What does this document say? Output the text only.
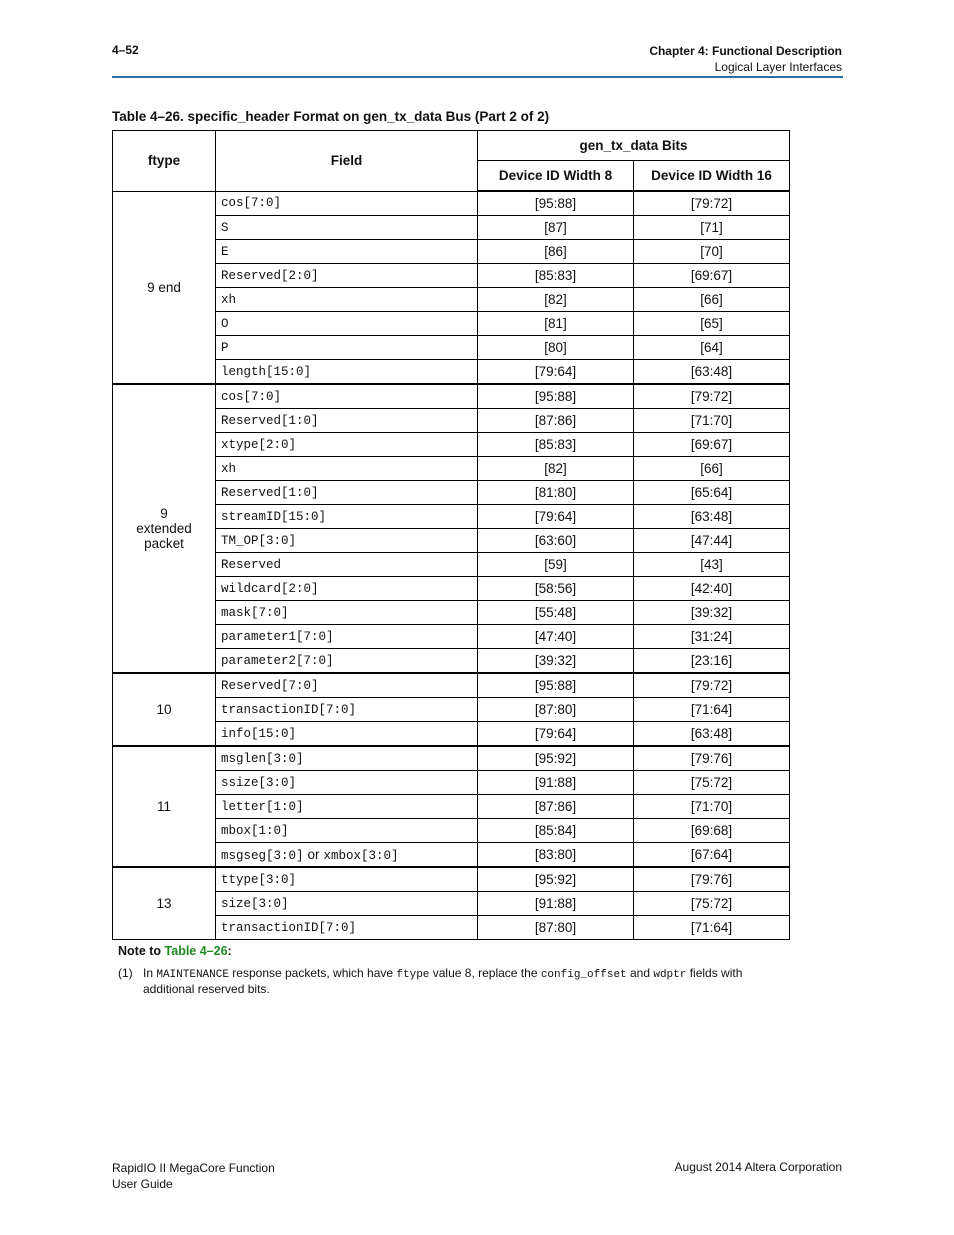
4–52	Chapter 4: Functional Description
Logical Layer Interfaces
Table 4–26. specific_header Format on gen_tx_data Bus (Part 2 of 2)
ftype	Field	gen_tx_data Bits	
		Device ID Width 8	Device ID Width 16
9 end	cos[7:0]	[95:88]	[79:72]
	S	[87]	[71]
	E	[86]	[70]
	Reserved[2:0]	[85:83]	[69:67]
	xh	[82]	[66]
	O	[81]	[65]
	P	[80]	[64]
	length[15:0]	[79:64]	[63:48]
9 extended packet	cos[7:0]	[95:88]	[79:72]
	Reserved[1:0]	[87:86]	[71:70]
	xtype[2:0]	[85:83]	[69:67]
	xh	[82]	[66]
	Reserved[1:0]	[81:80]	[65:64]
	streamID[15:0]	[79:64]	[63:48]
	TM_OP[3:0]	[63:60]	[47:44]
	Reserved	[59]	[43]
	wildcard[2:0]	[58:56]	[42:40]
	mask[7:0]	[55:48]	[39:32]
	parameter1[7:0]	[47:40]	[31:24]
	parameter2[7:0]	[39:32]	[23:16]
10	Reserved[7:0]	[95:88]	[79:72]
	transactionID[7:0]	[87:80]	[71:64]
	info[15:0]	[79:64]	[63:48]
11	msglen[3:0]	[95:92]	[79:76]
	ssize[3:0]	[91:88]	[75:72]
	letter[1:0]	[87:86]	[71:70]
	mbox[1:0]	[85:84]	[69:68]
	msgseg[3:0] or xmbox[3:0]	[83:80]	[67:64]
13	ttype[3:0]	[95:92]	[79:76]
	size[3:0]	[91:88]	[75:72]
	transactionID[7:0]	[87:80]	[71:64]
Note to Table 4–26:
(1) In MAINTENANCE response packets, which have ftype value 8, replace the config_offset and wdptr fields with additional reserved bits.
RapidIO II MegaCore Function
User Guide
August 2014 Altera Corporation
